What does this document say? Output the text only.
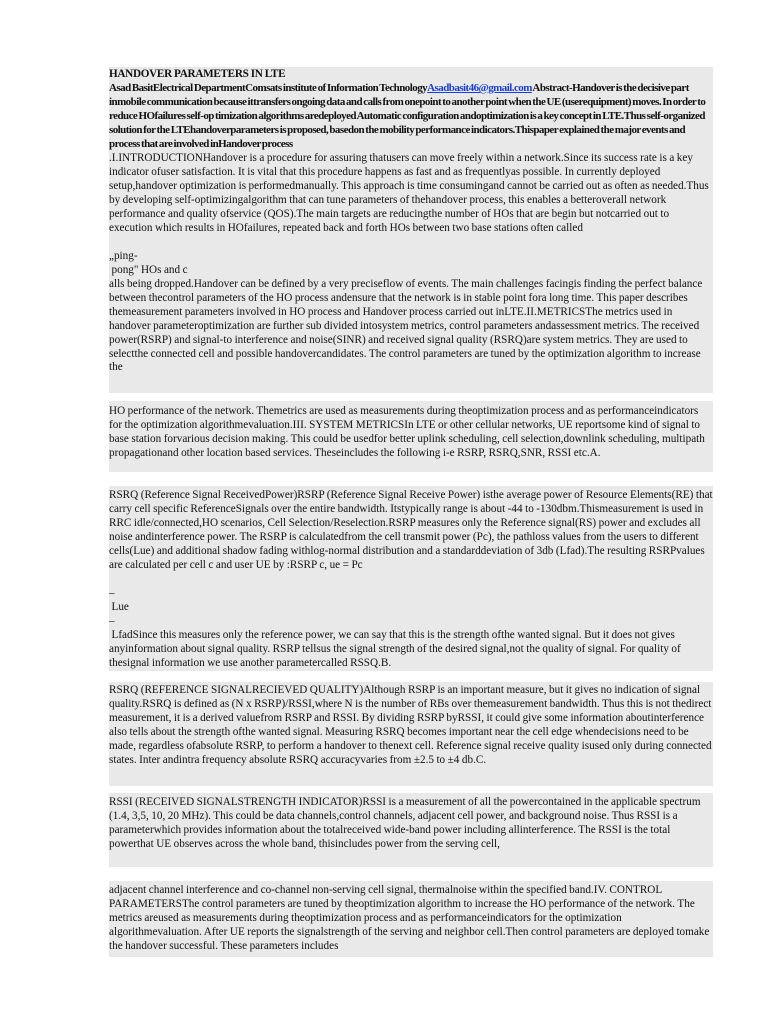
HANDOVER PARAMETERS IN LTE

Asad BasitElectrical DepartmentComsats institute of Information TechnologyAsadbasit46@gmail.com Abstract-Handover is the decisive part inmobile communication because ittransfers ongoing data and calls from onepoint to another point when the UE (userequipment) moves. In order to reduce HOfailures self-op timization algorithms aredeployed Automatic configuration andoptimization is a key concept in LTE.Thus self-organized solution for the LTEhandoverparameters is proposed, basedon the mobility performance indicators.Thispaper explained the major events and process that are involved inHandover process

.I.INTRODUCTIONHandover is a procedure for assuring thatusers can move freely within a network.Since its success rate is a key indicator ofuser satisfaction. It is vital that this procedure happens as fast and as frequentlyas possible. In currently deployed setup,handover optimization is performedmanually. This approach is time consumingand cannot be carried out as often as needed.Thus by developing self-optimizingalgorithm that can tune parameters of thehandover process, this enables a betteroverall network performance and quality ofservice (QOS).The main targets are reducingthe number of HOs that are begin but notcarried out to execution which results in HOfailures, repeated back and forth HOs between two base stations often called

„ping-

pong" HOs and c

alls being dropped.Handover can be defined by a very preciseflow of events. The main challenges facingis finding the perfect balance between thecontrol parameters of the HO process andensure that the network is in stable point fora long time. This paper describes themeasurement parameters involved in HO process and Handover process carried out inLTE.II.METRICSThe metrics used in handover parameteroptimization are further sub divided intosystem metrics, control parameters andassessment metrics. The received power(RSRP) and signal-to interference and noise(SINR) and received signal quality (RSRQ)are system metrics. They are used to selectthe connected cell and possible handovercandidates. The control parameters are tuned by the optimization algorithm to increase the

HO performance of the network. Themetrics are used as measurements during theoptimization process and as performanceindicators for the optimization algorithmevaluation.III. SYSTEM METRICSIn LTE or other cellular networks, UE reportsome kind of signal to base station forvarious decision making. This could be usedfor better uplink scheduling, cell selection,downlink scheduling, multipath propagationand other location based services. Theseincludes the following i-e RSRP, RSRQ,SNR, RSSI etc.A.

RSRQ (Reference Signal ReceivedPower)RSRP (Reference Signal Receive Power) isthe average power of Resource Elements(RE) that carry cell specific ReferenceSignals over the entire bandwidth. Itstypically range is about -44 to -130dbm.Thismeasurement is used in RRC idle/connected,HO scenarios, Cell Selection/Reselection.RSRP measures only the Reference signal(RS) power and excludes all noise andinterference power. The RSRP is calculatedfrom the cell transmit power (Pc), the pathloss values from the users to different cells(Lue) and additional shadow fading withlog-normal distribution and a standarddeviation of 3db (Lfad).The resulting RSRPvalues are calculated per cell c and user UE by :RSRP c, ue = Pc

–

Lue

–

LfadSince this measures only the reference power, we can say that this is the strength ofthe wanted signal. But it does not gives anyinformation about signal quality. RSRP tellsus the signal strength of the desired signal,not the quality of signal. For quality of thesignal information we use another parametercalled RSSQ.B.

RSRQ (REFERENCE SIGNALRECIEVED QUALITY)Although RSRP is an important measure, but it gives no indication of signal quality.RSRQ is defined as (N x RSRP)/RSSI,where N is the number of RBs over themeasurement bandwidth. Thus this is not thedirect measurement, it is a derived valuefrom RSRP and RSSI. By dividing RSRP byRSSI, it could give some information aboutinterference also tells about the strength ofthe wanted signal. Measuring RSRQ becomes important near the cell edge whendecisions need to be made, regardless ofabsolute RSRP, to perform a handover to thenext cell. Reference signal receive quality isused only during connected states. Inter andintra frequency absolute RSRQ accuracyvaries from ±2.5 to ±4 db.C.

RSSI (RECEIVED SIGNALSTRENGTH INDICATOR)RSSI is a measurement of all the powercontained in the applicable spectrum (1.4, 3,5, 10, 20 MHz). This could be data channels,control channels, adjacent cell power, and background noise. Thus RSSI is a parameterwhich provides information about the totalreceived wide-band power including allinterference. The RSSI is the total powerthat UE observes across the whole band, thisincludes power from the serving cell,

adjacent channel interference and co-channel non-serving cell signal, thermalnoise within the specified band.IV. CONTROL PARAMETERSThe control parameters are tuned by theoptimization algorithm to increase the HO performance of the network. The metrics areused as measurements during theoptimization process and as performanceindicators for the optimization algorithmevaluation. After UE reports the signalstrength of the serving and neighbor cell.Then control parameters are deployed tomake the handover successful. These parameters includes
